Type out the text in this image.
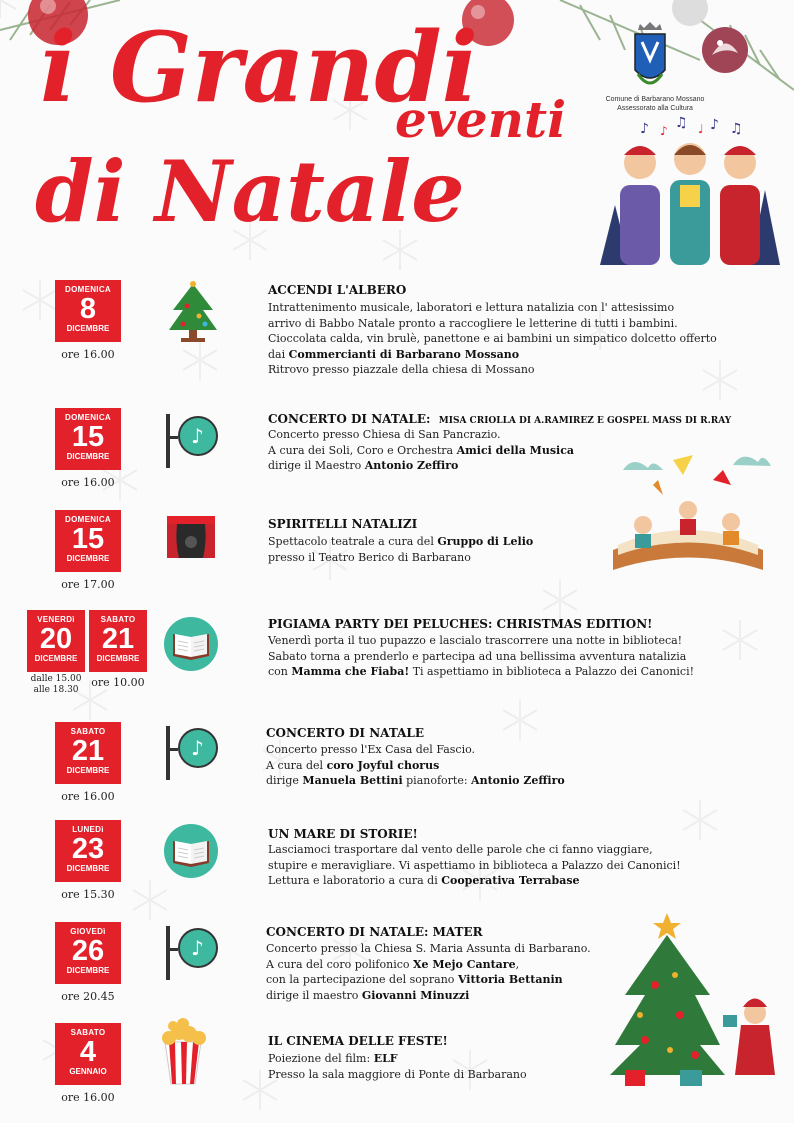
i Grandi
eventi
di Natale
Comune di Barbarano Mossano
Assessorato alla Cultura
♪ ♫ ♪ ♫
♪	♩
DOMENICA
8
DICEMBRE
ore 16.00
ACCENDI L'ALBERO
Intrattenimento musicale, laboratori e lettura natalizia con l' attesissimo
arrivo di Babbo Natale pronto a raccogliere le letterine di tutti i bambini.
Cioccolata calda, vin brulè, panettone e ai bambini un simpatico dolcetto offerto
dai Commercianti di Barbarano Mossano
Ritrovo presso piazzale della chiesa di Mossano
DOMENICA
15
DICEMBRE
ore 16.00
♪
CONCERTO DI NATALE:  MISA CRIOLLA DI A.RAMIREZ E GOSPEL MASS DI R.RAY
Concerto presso Chiesa di San Pancrazio.
A cura dei Soli, Coro e Orchestra Amici della Musica
dirige il Maestro Antonio Zeffiro
DOMENICA
15
DICEMBRE
ore 17.00
SPIRITELLI NATALIZI
Spettacolo teatrale a cura del Gruppo di Lelio
presso il Teatro Berico di Barbarano
VENERDì
20
DICEMBRE
SABATO
21
DICEMBRE
dalle 15.00
alle 18.30
ore 10.00
PIGIAMA PARTY DEI PELUCHES: CHRISTMAS EDITION!
Venerdì porta il tuo pupazzo e lascialo trascorrere una notte in biblioteca!
Sabato torna a prenderlo e partecipa ad una bellissima avventura natalizia
con Mamma che Fiaba! Ti aspettiamo in biblioteca a Palazzo dei Canonici!
SABATO
21
DICEMBRE
ore 16.00
♪
CONCERTO DI NATALE
Concerto presso l'Ex Casa del Fascio.
A cura del coro Joyful chorus
dirige Manuela Bettini pianoforte: Antonio Zeffiro
LUNEDì
23
DICEMBRE
ore 15.30
UN MARE DI STORIE!
Lasciamoci trasportare dal vento delle parole che ci fanno viaggiare,
stupire e meravigliare. Vi aspettiamo in biblioteca a Palazzo dei Canonici!
Lettura e laboratorio a cura di Cooperativa Terrabase
GIOVEDì
26
DICEMBRE
ore 20.45
♪
CONCERTO DI NATALE: MATER
Concerto presso la Chiesa S. Maria Assunta di Barbarano.
A cura del coro polifonico Xe Mejo Cantare,
con la partecipazione del soprano Vittoria Bettanin
dirige il maestro Giovanni Minuzzi
SABATO
4
GENNAIO
ore 16.00
IL CINEMA DELLE FESTE!
Poiezione del film: ELF
Presso la sala maggiore di Ponte di Barbarano
